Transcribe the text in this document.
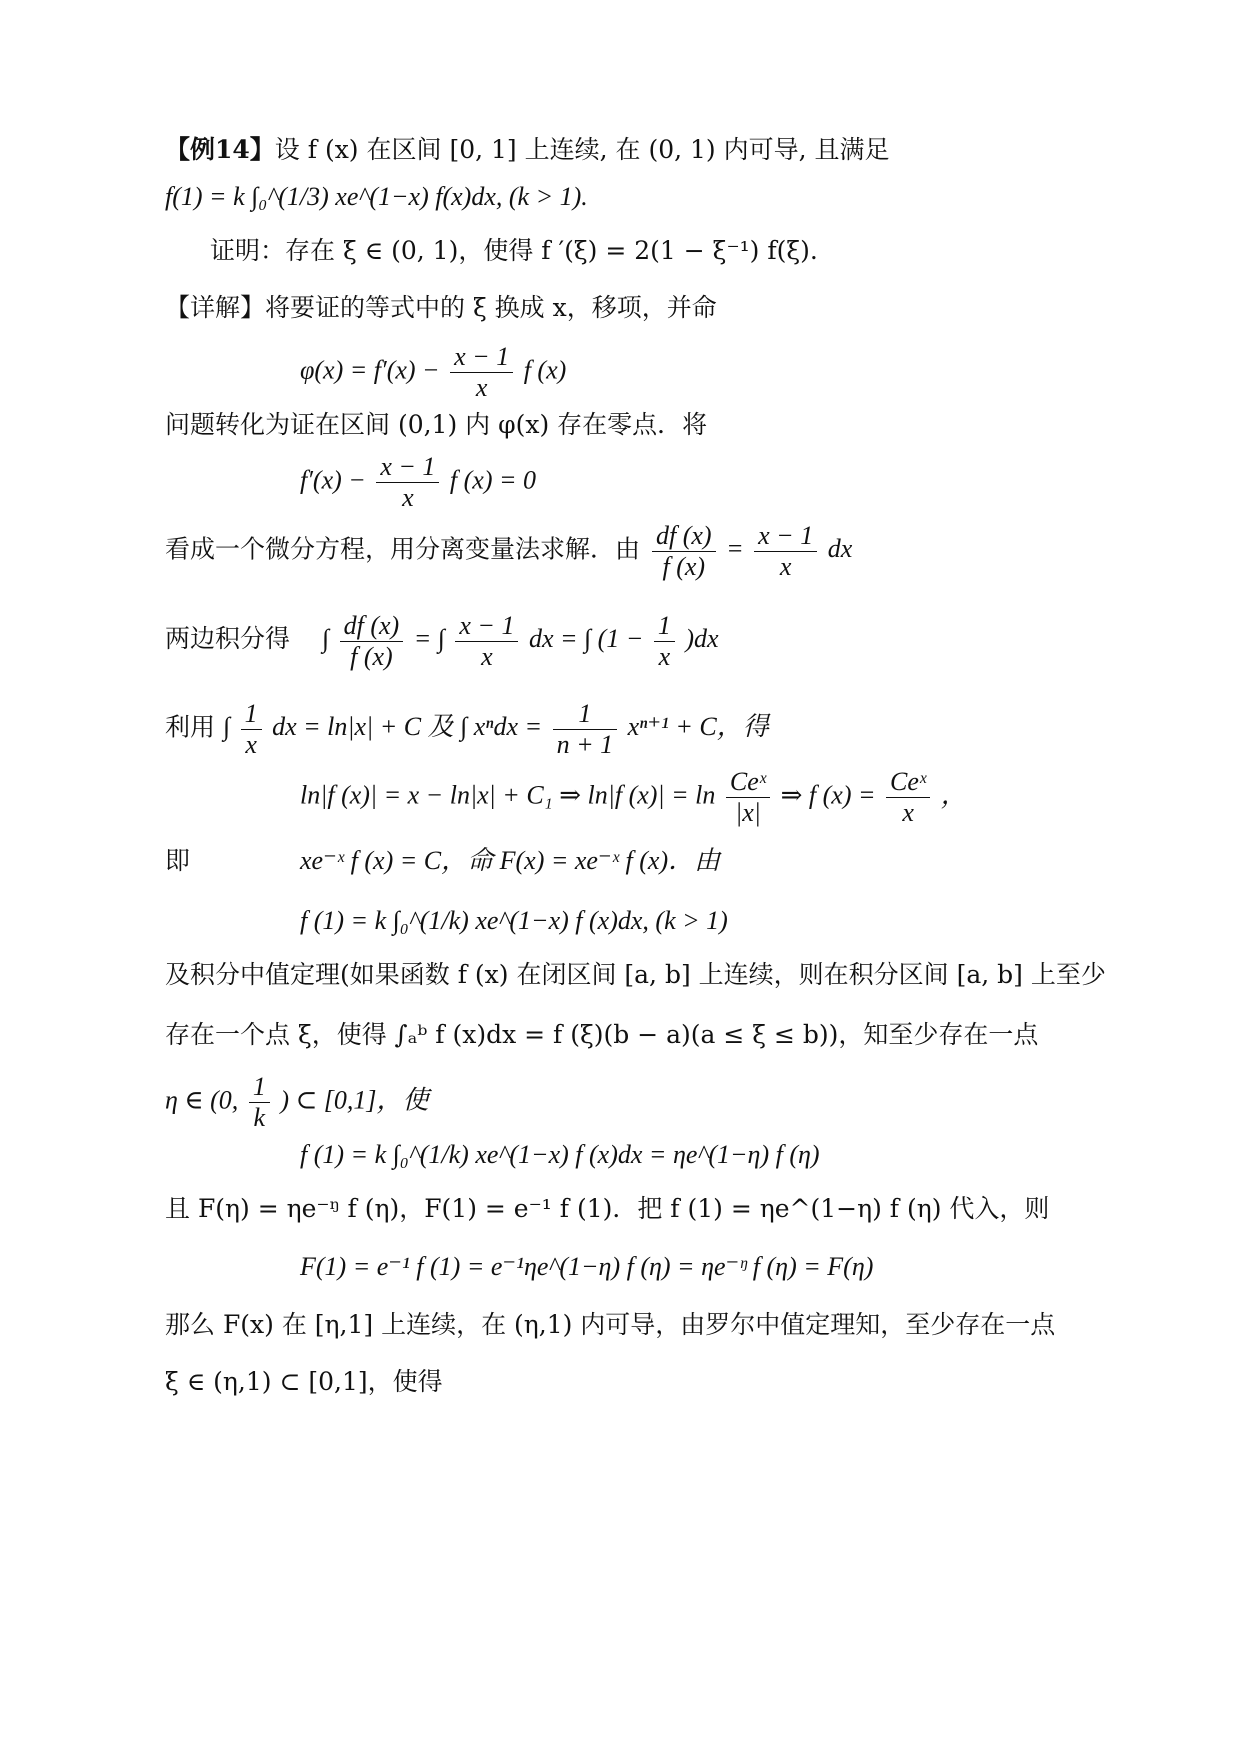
【例14】设 f (x) 在区间 [0, 1] 上连续, 在 (0, 1) 内可导, 且满足
f(1) = k ∫₀^(1/3) xe^(1−x) f(x)dx, (k > 1).
证明：存在 ξ ∈ (0, 1)，使得 f ′(ξ) = 2(1 − ξ⁻¹) f(ξ).
【详解】将要证的等式中的 ξ 换成 x，移项，并命
$\varphi(x) = f'(x) - \frac{x - 1}{x}$ f (x)
问题转化为证在区间 (0,1) 内 φ(x) 存在零点．将
$f'(x) - \frac{x - 1}{x}$ f (x) = 0
看成一个微分方程，用分离变量法求解．由 $\frac{df (x)}{f (x)} = \frac{x - 1}{x}$ dx
两边积分得 ∫ $\frac{df (x)}{f (x)}$ = ∫ $\frac{x - 1}{x}$ dx = ∫ $(1 - \frac{1}{x} )dx$
利用 ∫ $\frac{1}{x}$ dx = ln|x| + C 及 ∫ $x^ndx = \frac{1}{n + 1} x^{n+1} + C$，得
ln|f (x)| = x − ln|x| + C₁ ⇒ ln|f $(x)| = \ln \frac{\text{Ceˣ}}{|x|}$ ⇒ f $(x) = \frac{\text{Ceˣ}}{x}$ ，
即	xe⁻ˣ f (x) = C，命 F(x) = xe⁻ˣ f (x)．由
f (1) = k ∫₀^(1/k) xe^(1−x) f (x)dx, (k > 1)
及积分中值定理(如果函数 f (x) 在闭区间 [a, b] 上连续，则在积分区间 [a, b] 上至少
存在一个点 ξ，使得 ∫ₐᵇ f (x)dx = f (ξ)(b − a)(a ≤ ξ ≤ b))，知至少存在一点
η ∈ (0, $\frac{1}{k}$ ) ⊂ [0,1]，使
f (1) = k ∫₀^(1/k) xe^(1−x) f (x)dx = ηe^(1−η) f (η)
且 F(η) = ηe⁻ᵑ f (η)，F(1) = e⁻¹ f (1)．把 f (1) = ηe^(1−η) f (η) 代入，则
F(1) = e⁻¹ f (1) = e⁻¹ηe^(1−η) f (η) = ηe⁻ᵑ f (η) = F(η)
那么 F(x) 在 [η,1] 上连续，在 (η,1) 内可导，由罗尔中值定理知，至少存在一点
ξ ∈ (η,1) ⊂ [0,1]，使得
